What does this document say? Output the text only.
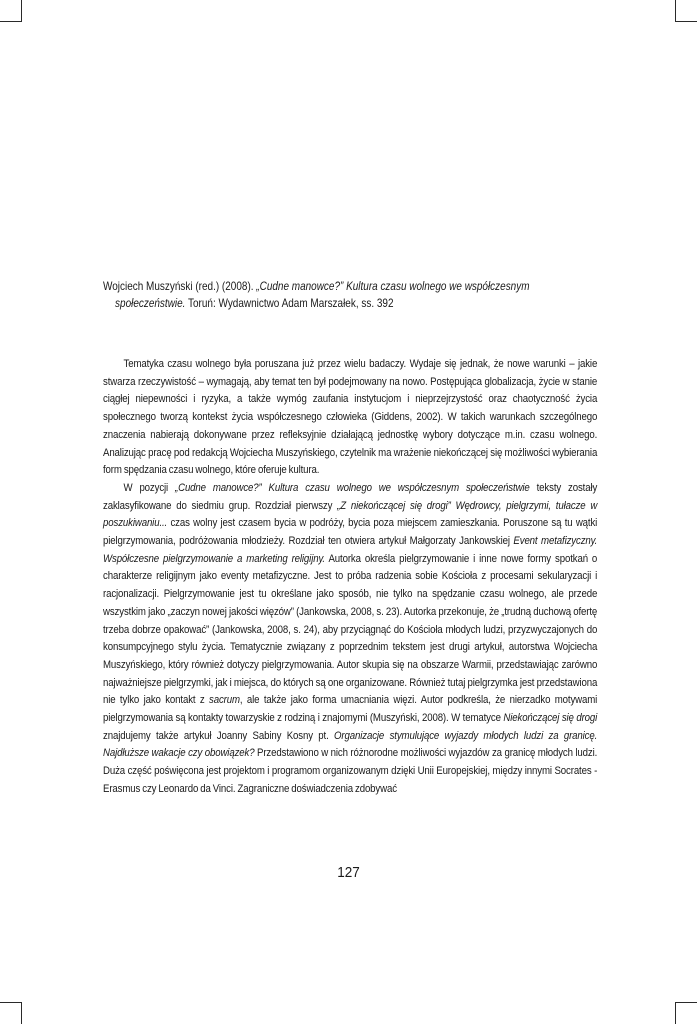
Wojciech Muszyński (red.) (2008). „Cudne manowce?” Kultura czasu wolnego we współczesnym
społeczeństwie. Toruń: Wydawnictwo Adam Marszałek, ss. 392

Tematyka czasu wolnego była poruszana już przez wielu badaczy. Wydaje się jednak, że nowe warunki – jakie stwarza rzeczywistość – wymagają, aby temat ten był podejmowany na nowo. Postępująca globalizacja, życie w stanie ciągłej niepewności i ryzyka, a także wymóg zaufania instytucjom i nieprzejrzystość oraz chaotyczność życia społecznego tworzą kontekst życia współczesnego człowieka (Giddens, 2002). W takich warunkach szczególnego znaczenia nabierają dokonywane przez refleksyjnie działającą jednostkę wybory dotyczące m.in. czasu wolnego. Analizując pracę pod redakcją Wojciecha Muszyńskiego, czytelnik ma wrażenie niekończącej się możliwości wybierania form spędzania czasu wolnego, które oferuje kultura.

W pozycji „Cudne manowce?” Kultura czasu wolnego we współczesnym społeczeństwie teksty zostały zaklasyfikowane do siedmiu grup. Rozdział pierwszy „Z niekończącej się drogi” Wędrowcy, pielgrzymi, tułacze w poszukiwaniu... czas wolny jest czasem bycia w podróży, bycia poza miejscem zamieszkania. Poruszone są tu wątki pielgrzymowania, podróżowania młodzieży. Rozdział ten otwiera artykuł Małgorzaty Jankowskiej Event metafizyczny. Współczesne pielgrzymowanie a marketing religijny. Autorka określa pielgrzymowanie i inne nowe formy spotkań o charakterze religijnym jako eventy metafizyczne. Jest to próba radzenia sobie Kościoła z procesami sekularyzacji i racjonalizacji. Pielgrzymowanie jest tu określane jako sposób, nie tylko na spędzanie czasu wolnego, ale przede wszystkim jako „zaczyn nowej jakości więzów” (Jankowska, 2008, s. 23). Autorka przekonuje, że „trudną duchową ofertę trzeba dobrze opakować” (Jankowska, 2008, s. 24), aby przyciągnąć do Kościoła młodych ludzi, przyzwyczajonych do konsumpcyjnego stylu życia. Tematycznie związany z poprzednim tekstem jest drugi artykuł, autorstwa Wojciecha Muszyńskiego, który również dotyczy pielgrzymowania. Autor skupia się na obszarze Warmii, przedstawiając zarówno najważniejsze pielgrzymki, jak i miejsca, do których są one organizowane. Również tutaj pielgrzymka jest przedstawiona nie tylko jako kontakt z sacrum, ale także jako forma umacniania więzi. Autor podkreśla, że nierzadko motywami pielgrzymowania są kontakty towarzyskie z rodziną i znajomymi (Muszyński, 2008). W tematyce Niekończącej się drogi znajdujemy także artykuł Joanny Sabiny Kosny pt. Organizacje stymulujące wyjazdy młodych ludzi za granicę. Najdłuższe wakacje czy obowiązek? Przedstawiono w nich różnorodne możliwości wyjazdów za granicę młodych ludzi. Duża część poświęcona jest projektom i programom organizowanym dzięki Unii Europejskiej, między innymi Socrates - Erasmus czy Leonardo da Vinci. Zagraniczne doświadczenia zdobywać

127
